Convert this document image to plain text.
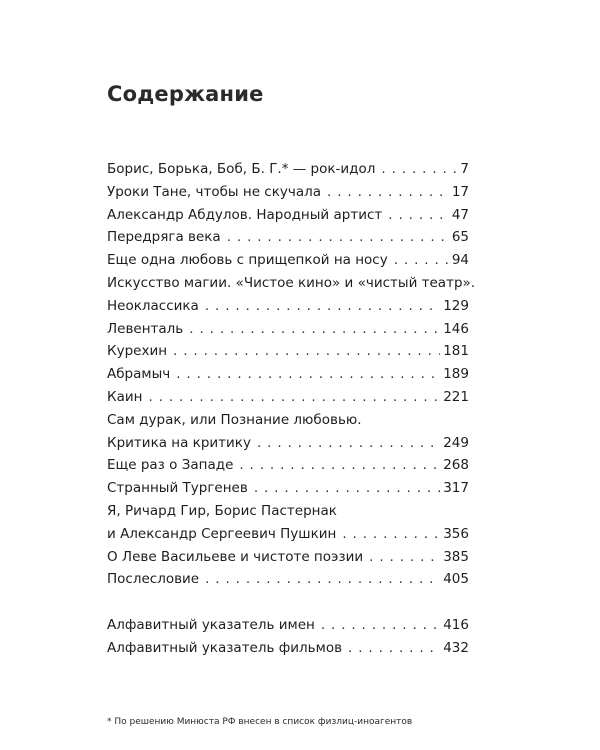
Содержание
Борис, Борька, Боб, Б. Г.* — рок-идол . . .	7
Уроки Тане, чтобы не скучала . . .	17
Александр Абдулов. Народный артист . . .	47
Передряга века . . .	65
Еще одна любовь с прищепкой на носу . . .	94
Искусство магии. «Чистое кино» и «чистый театр».
Неоклассика . . .	129
Левенталь . . .	146
Курехин . . .	181
Абрамыч . . .	189
Каин . . .	221
Сам дурак, или Познание любовью.
Критика на критику . . .	249
Еще раз о Западе . . .	268
Странный Тургенев . . .	317
Я, Ричард Гир, Борис Пастернак
и Александр Сергеевич Пушкин . . .	356
О Леве Васильеве и чистоте поэзии . . .	385
Послесловие . . .	405
Алфавитный указатель имен . . .	416
Алфавитный указатель фильмов . . .	432

* По решению Минюста РФ внесен в список физлиц-иноагентов
